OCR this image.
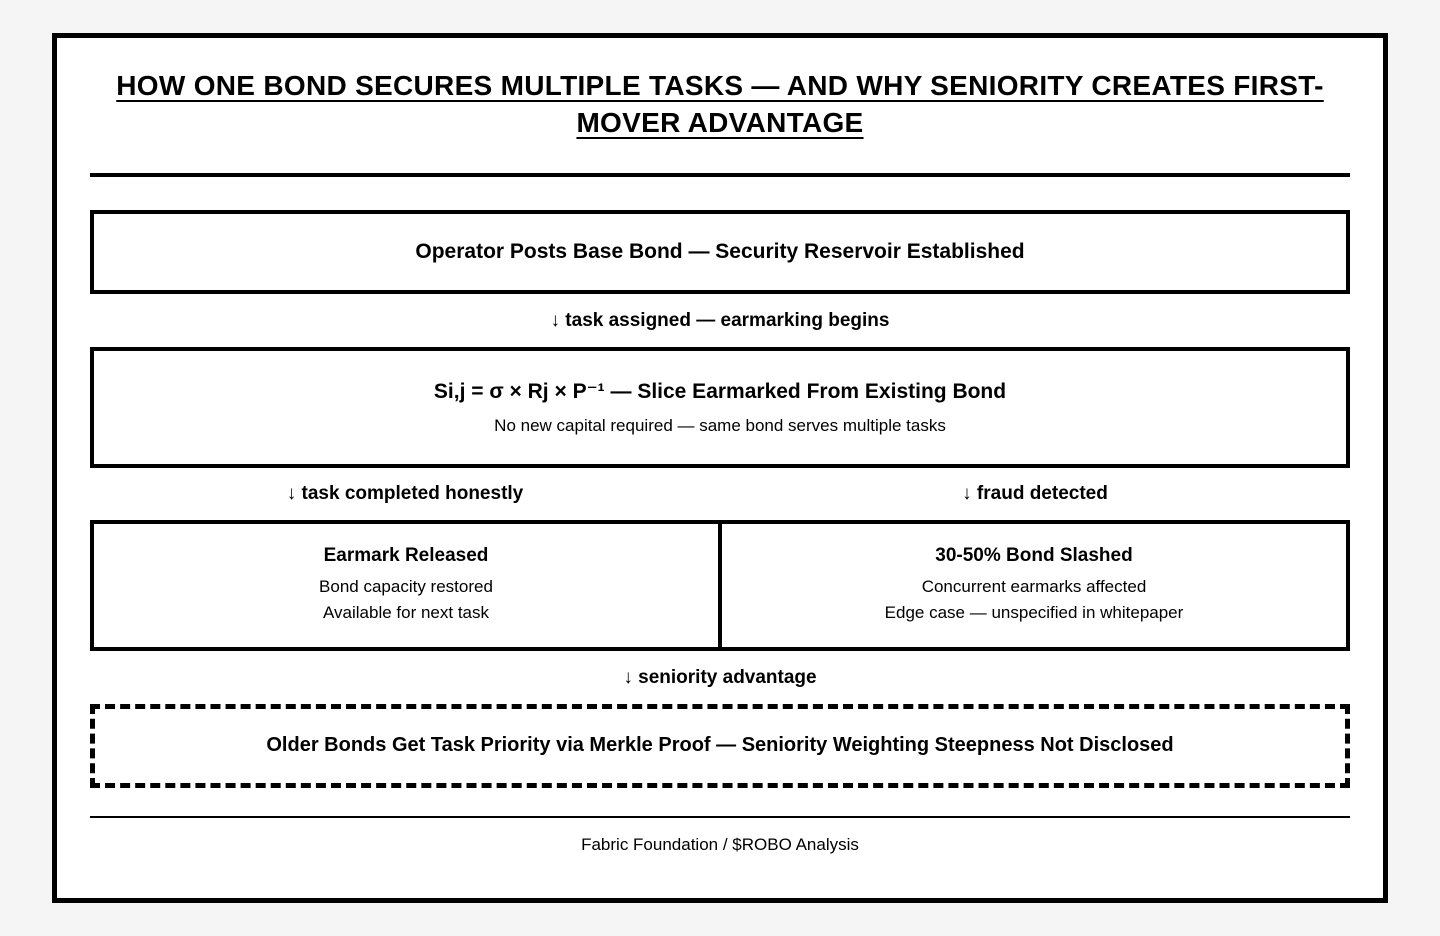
HOW ONE BOND SECURES MULTIPLE TASKS — AND WHY SENIORITY CREATES FIRST-MOVER ADVANTAGE
Operator Posts Base Bond — Security Reservoir Established
↓ task assigned — earmarking begins
Si,j = σ × Rj × P⁻¹ — Slice Earmarked From Existing Bond
No new capital required — same bond serves multiple tasks
↓ task completed honestly	↓ fraud detected
Earmark Released
Bond capacity restored
Available for next task
30-50% Bond Slashed
Concurrent earmarks affected
Edge case — unspecified in whitepaper
↓ seniority advantage
Older Bonds Get Task Priority via Merkle Proof — Seniority Weighting Steepness Not Disclosed
Fabric Foundation / $ROBO Analysis
